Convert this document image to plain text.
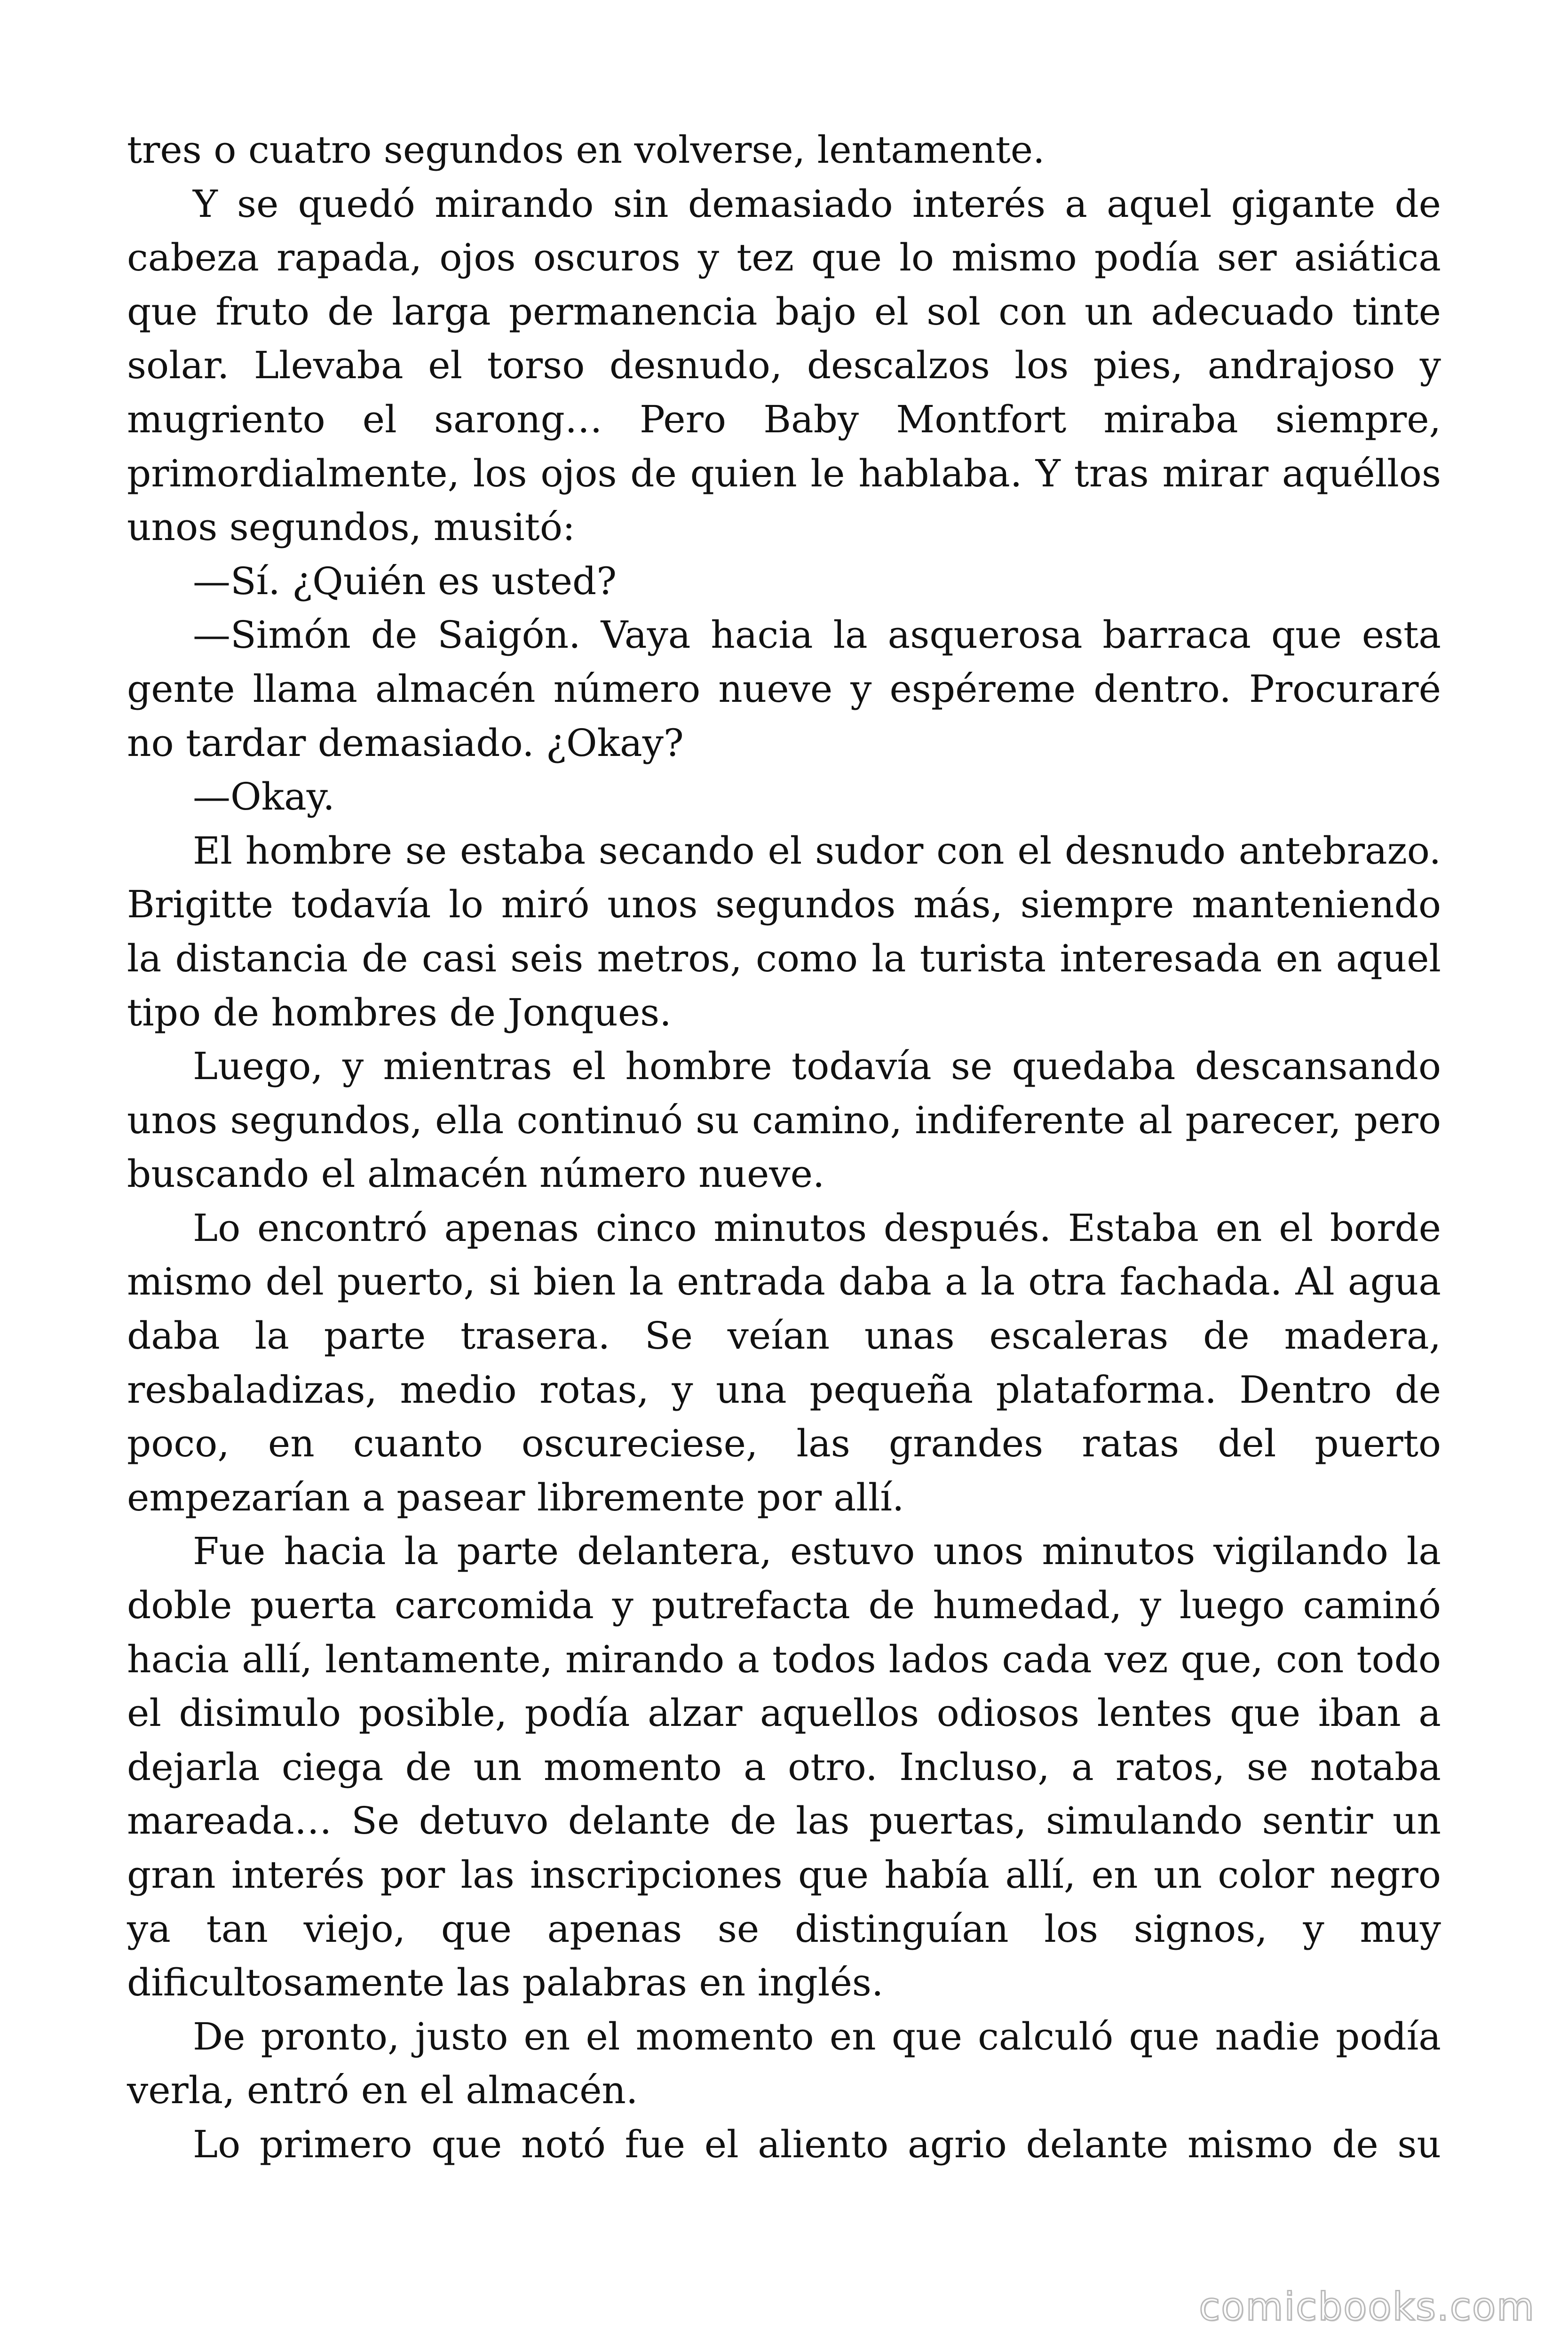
tres o cuatro segundos en volverse, lentamente.

Y se quedó mirando sin demasiado interés a aquel gigante de cabeza rapada, ojos oscuros y tez que lo mismo podía ser asiática que fruto de larga permanencia bajo el sol con un adecuado tinte solar. Llevaba el torso desnudo, descalzos los pies, andrajoso y mugriento el sarong… Pero Baby Montfort miraba siempre, primordialmente, los ojos de quien le hablaba. Y tras mirar aquéllos unos segundos, musitó:

—Sí. ¿Quién es usted?

—Simón de Saigón. Vaya hacia la asquerosa barraca que esta gente llama almacén número nueve y espéreme dentro. Procuraré no tardar demasiado. ¿Okay?

—Okay.

El hombre se estaba secando el sudor con el desnudo antebrazo. Brigitte todavía lo miró unos segundos más, siempre manteniendo la distancia de casi seis metros, como la turista interesada en aquel tipo de hombres de Jonques.

Luego, y mientras el hombre todavía se quedaba descansando unos segundos, ella continuó su camino, indiferente al parecer, pero buscando el almacén número nueve.

Lo encontró apenas cinco minutos después. Estaba en el borde mismo del puerto, si bien la entrada daba a la otra fachada. Al agua daba la parte trasera. Se veían unas escaleras de madera, resbaladizas, medio rotas, y una pequeña plataforma. Dentro de poco, en cuanto oscureciese, las grandes ratas del puerto empezarían a pasear libremente por allí.

Fue hacia la parte delantera, estuvo unos minutos vigilando la doble puerta carcomida y putrefacta de humedad, y luego caminó hacia allí, lentamente, mirando a todos lados cada vez que, con todo el disimulo posible, podía alzar aquellos odiosos lentes que iban a dejarla ciega de un momento a otro. Incluso, a ratos, se notaba mareada… Se detuvo delante de las puertas, simulando sentir un gran interés por las inscripciones que había allí, en un color negro ya tan viejo, que apenas se distinguían los signos, y muy dificultosamente las palabras en inglés.

De pronto, justo en el momento en que calculó que nadie podía verla, entró en el almacén.

Lo primero que notó fue el aliento agrio delante mismo de su

comicbooks.com
